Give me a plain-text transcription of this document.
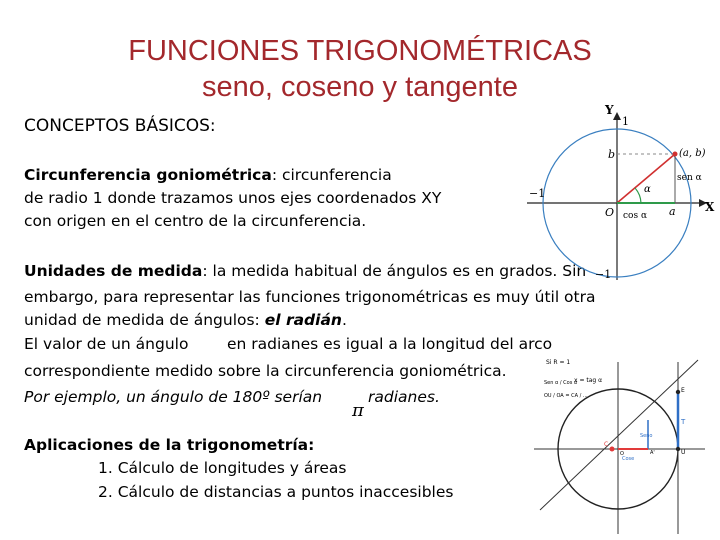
FUNCIONES TRIGONOMÉTRICAS
seno, coseno y tangente
CONCEPTOS BÁSICOS:
Circunferencia goniométrica: circunferencia
de radio 1 donde trazamos unos ejes coordenados XY
con origen en el centro de la circunferencia.
Unidades de medida: la medida habitual de ángulos es en grados. Sin
embargo, para representar las funciones trigonométricas es muy útil otra
unidad de medida de ángulos: el radián.
El valor de un ángulo en radianes es igual a la longitud del arco
correspondiente medido sobre la circunferencia goniométrica.
Por ejemplo, un ángulo de 180º serían	radianes.
π
Aplicaciones de la trigonometría:
1. Cálculo de longitudes y áreas
2. Cálculo de distancias a puntos inaccesibles
Y
X
1
−1
−1
O	a
b	(a, b)
sen α
cos α
α
Si R = 1
x = tag α
Sen α / Cos α
OU / OA = CA / ...
Seno
Cose
T
E
C
U
A'
O
